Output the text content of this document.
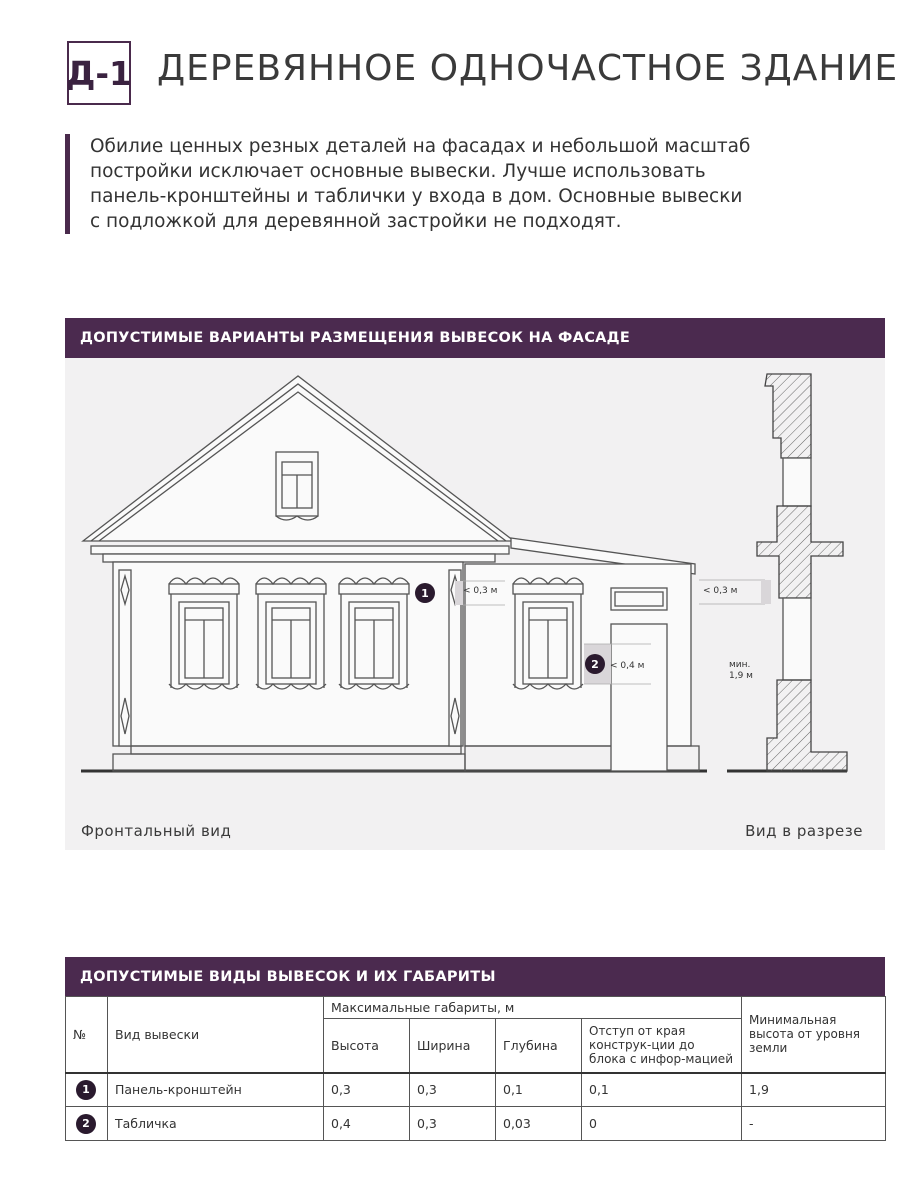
Д-1 ДЕРЕВЯННОЕ ОДНОЧАСТНОЕ ЗДАНИЕ

Обилие ценных резных деталей на фасадах и небольшой масштаб

постройки исключает основные вывески. Лучше использовать

панель-кронштейны и таблички у входа в дом. Основные вывески

с подложкой для деревянной застройки не подходят.

ДОПУСТИМЫЕ ВАРИАНТЫ РАЗМЕЩЕНИЯ ВЫВЕСОК НА ФАСАДЕ
1	< 0,3 м
2	< 0,4 м
< 0,3 м
мин.
1,9 м
Фронтальный вид	Вид в разрезе
ДОПУСТИМЫЕ ВИДЫ ВЫВЕСОК И ИХ ГАБАРИТЫ
№	Вид вывески	Максимальные габариты, м				Минимальная высота от уровня земли
		Высота	Ширина	Глубина	Отступ от края конструк-ции до блока с инфор-мацией	
1	Панель-кронштейн	0,3	0,3	0,1	0,1	1,9
2	Табличка	0,4	0,3	0,03	0	-
